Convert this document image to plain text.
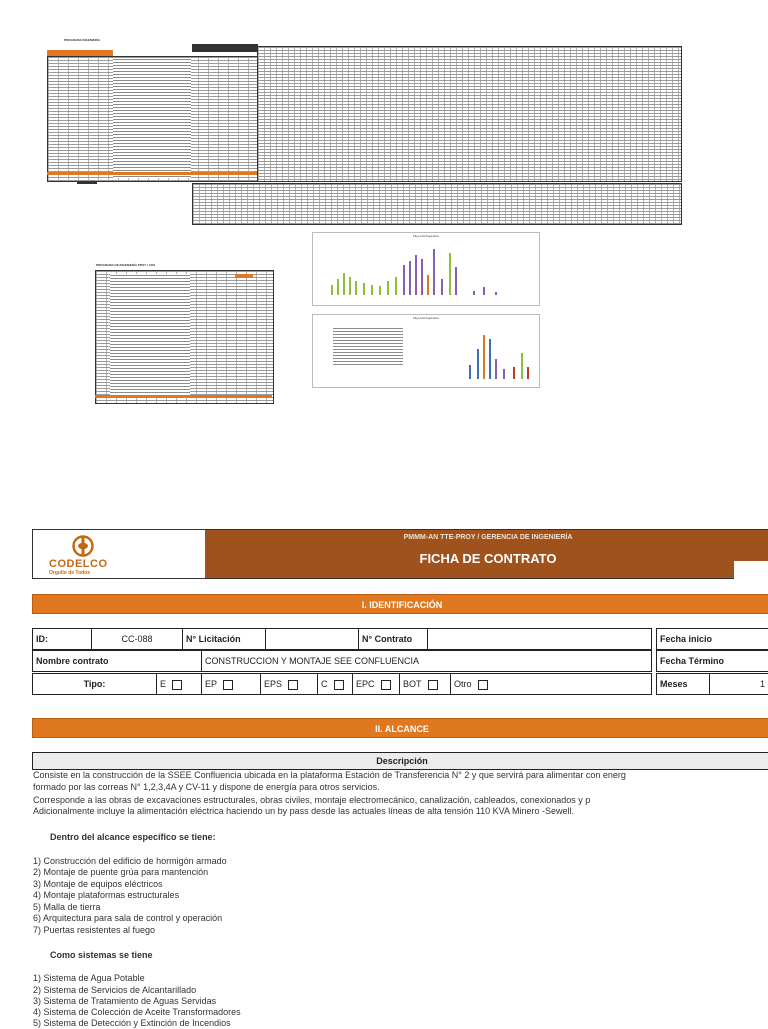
PROGRAMA INGENIERÍA
PROGRAMA DE INGENIERÍA PROY / COS
Flujo HH Ingeniería
Flujo HH Ingeniería
CODELCO
Orgullo de Todos
PMMM-AN TTE-PROY / GERENCIA DE INGENIERÍA
FICHA DE CONTRATO
I. IDENTIFICACIÓN
ID:	CC-088	N° Licitación	N° Contrato	Fecha inicio
Nombre contrato	CONSTRUCCION Y MONTAJE SEE CONFLUENCIA	Fecha Término
Tipo:	E	EP	EPS	C	EPC	BOT	Otro	Meses	1
II. ALCANCE
Descripción
Consiste en la construcción de la SSEE Confluencia ubicada en la plataforma Estación de Transferencia N° 2 y que servirá para alimentar con energ
formado por las correas N° 1,2,3,4A y CV-11 y dispone de energía para otros servicios.
Corresponde a las obras de excavaciones estructurales, obras civiles, montaje electromecánico, canalización, cableados, conexionados y p
Adicionalmente incluye la alimentación eléctrica haciendo un by pass desde las actuales líneas de alta tensión 110 KVA Minero -Sewell.
Dentro del alcance específico se tiene:
1) Construcción del edificio de hormigón armado
2) Montaje de puente grúa para mantención
3) Montaje de equipos eléctricos
4) Montaje plataformas estructurales
5) Malla de tierra
6) Arquitectura para sala de control y operación
7) Puertas resistentes al fuego
Como sistemas se tiene
1) Sistema de Agua Potable
2) Sistema de Servicios de Alcantarillado
3) Sistema de Tratamiento de Aguas Servidas
4) Sistema de Colección de Aceite Transformadores
5) Sistema de Detección y Extinción de Incendios
